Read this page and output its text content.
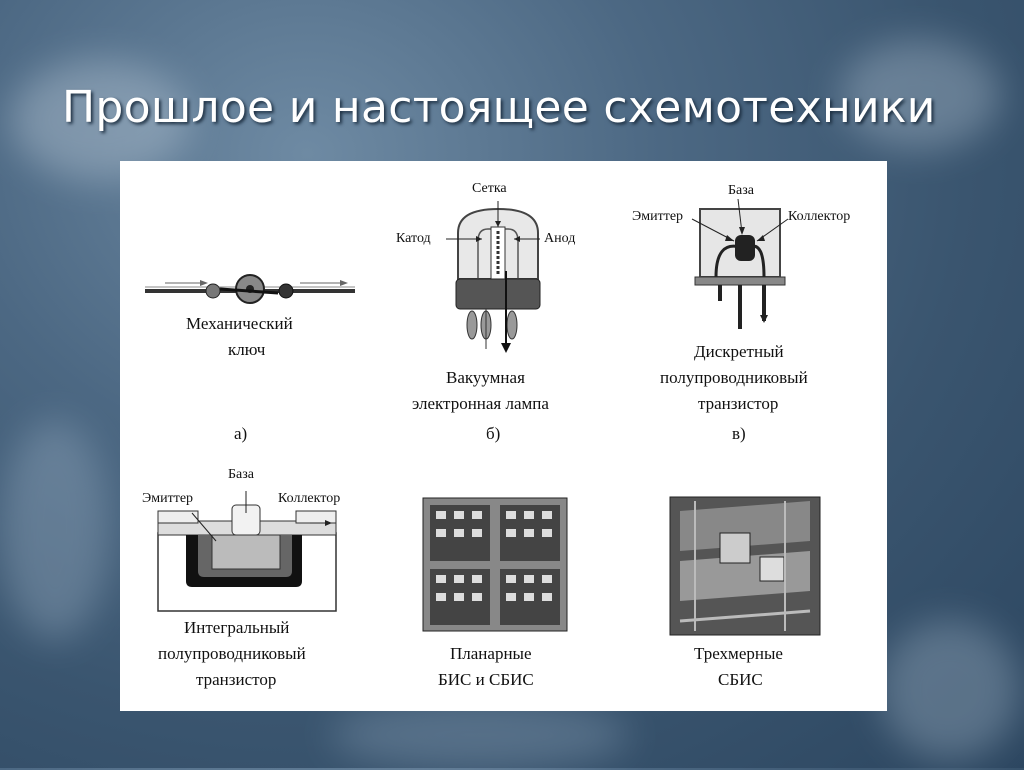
Прошлое и настоящее схемотехники
Механический
ключ
а)
Сетка
Катод	Анод
Вакуумная
электронная лампа
б)
База
Эмиттер	Коллектор
Дискретный
полупроводниковый
транзистор
в)
База
Эмиттер	Коллектор
Интегральный
полупроводниковый
транзистор
Планарные
БИС и СБИС
Трехмерные
СБИС
